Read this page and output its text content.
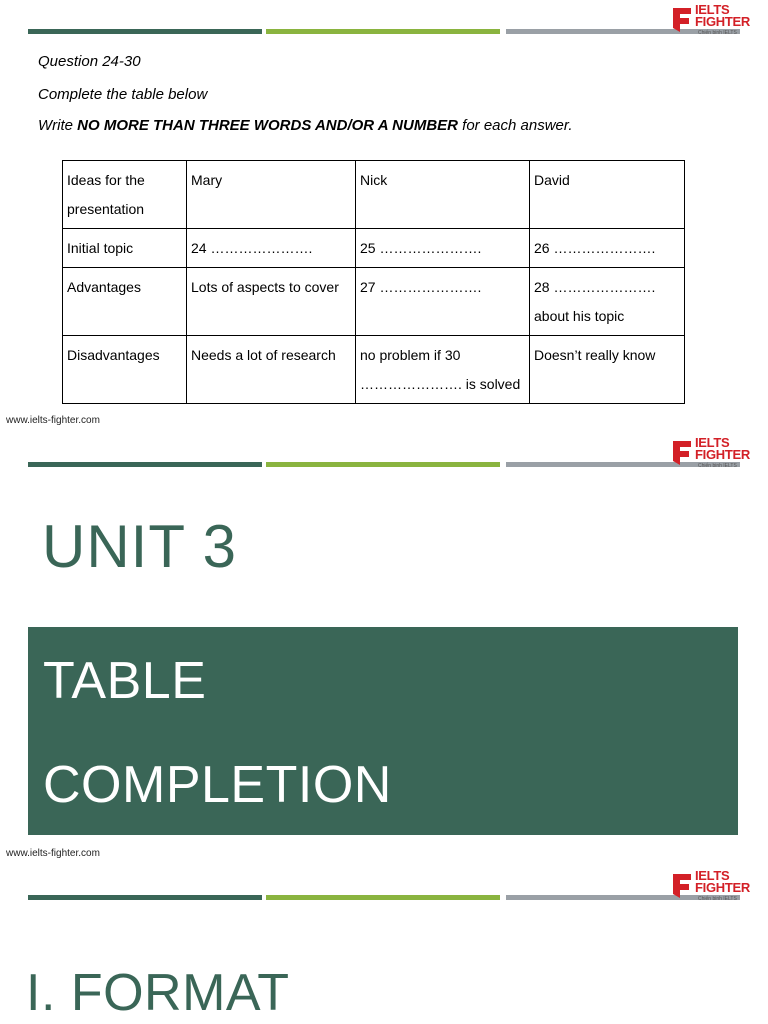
IELTS
FIGHTER
Chiến binh IELTS
Question 24-30
Complete the table below
Write NO MORE THAN THREE WORDS AND/OR A NUMBER for each answer.
Ideas for the presentation	Mary	Nick	David
Initial topic	24 ………………….	25 ………………….	26 ………………….
Advantages	Lots of aspects to cover	27 ………………….	28 …………………. about his topic
Disadvantages	Needs a lot of research	no problem if 30 …………………. is solved	Doesn’t really know
www.ielts-fighter.com
IELTS
FIGHTER
Chiến binh IELTS
UNIT 3
TABLE
COMPLETION
www.ielts-fighter.com
IELTS
FIGHTER
Chiến binh IELTS
I. FORMAT
